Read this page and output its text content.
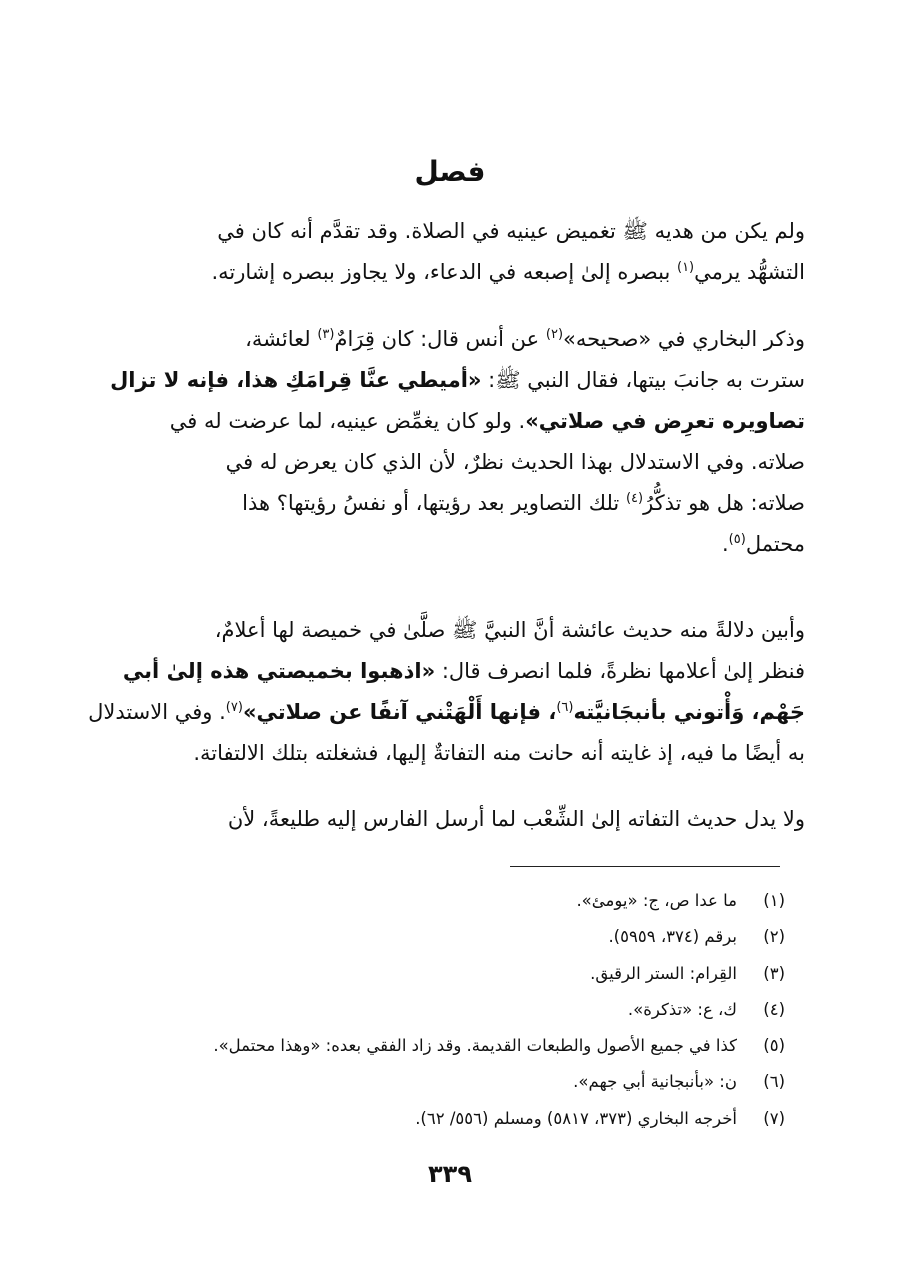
فصل

ولم يكن من هديه ﷺ تغميض عينيه في الصلاة. وقد تقدَّم أنه كان في
التشهُّد يرمي$^{(١)}$ ببصره إلىٰ إصبعه في الدعاء، ولا يجاوز ببصره إشارته.

وذكر البخاري في «صحيحه»$^{(٢)}$ عن أنس قال: كان قِرَامٌ$^{(٣)}$ لعائشة،
سترت به جانبَ بيتها، فقال النبي ﷺ: «أميطي عنَّا قِرامَكِ هذا، فإنه لا تزال
تصاويره تعرِض في صلاتي». ولو كان يغمِّض عينيه، لما عرضت له في
صلاته. وفي الاستدلال بهذا الحديث نظرٌ، لأن الذي كان يعرض له في
صلاته: هل هو تذكُّرُ$^{(٤)}$ تلك التصاوير بعد رؤيتها، أو نفسُ رؤيتها؟ هذا
محتمل$^{(٥)}$.

وأبين دلالةً منه حديث عائشة أنَّ النبيَّ ﷺ صلَّىٰ في خميصة لها أعلامٌ،
فنظر إلىٰ أعلامها نظرةً، فلما انصرف قال: «اذهبوا بخميصتي هذه إلىٰ أبي
جَهْم، وَأْتوني بأنبجَانيَّته$^{(٦)}$، فإنها أَلْهَتْني آنفًا عن صلاتي»$^{(٧)}$. وفي الاستدلال
به أيضًا ما فيه، إذ غايته أنه حانت منه التفاتةٌ إليها، فشغلته بتلك الالتفاتة.

ولا يدل حديث التفاته إلىٰ الشِّعْب لما أرسل الفارس إليه طليعةً، لأن

(١)ما عدا ص، ج: «يومئ».
(٢)برقم (٣٧٤، ٥٩٥٩).
(٣)القِرام: الستر الرقيق.
(٤)ك، ع: «تذكرة».
(٥)كذا في جميع الأصول والطبعات القديمة. وقد زاد الفقي بعده: «وهذا محتمل».
(٦)ن: «بأنبجانية أبي جهم».
(٧)أخرجه البخاري (٣٧٣، ٥٨١٧) ومسلم (٥٥٦/ ٦٢).
٣٣٩
